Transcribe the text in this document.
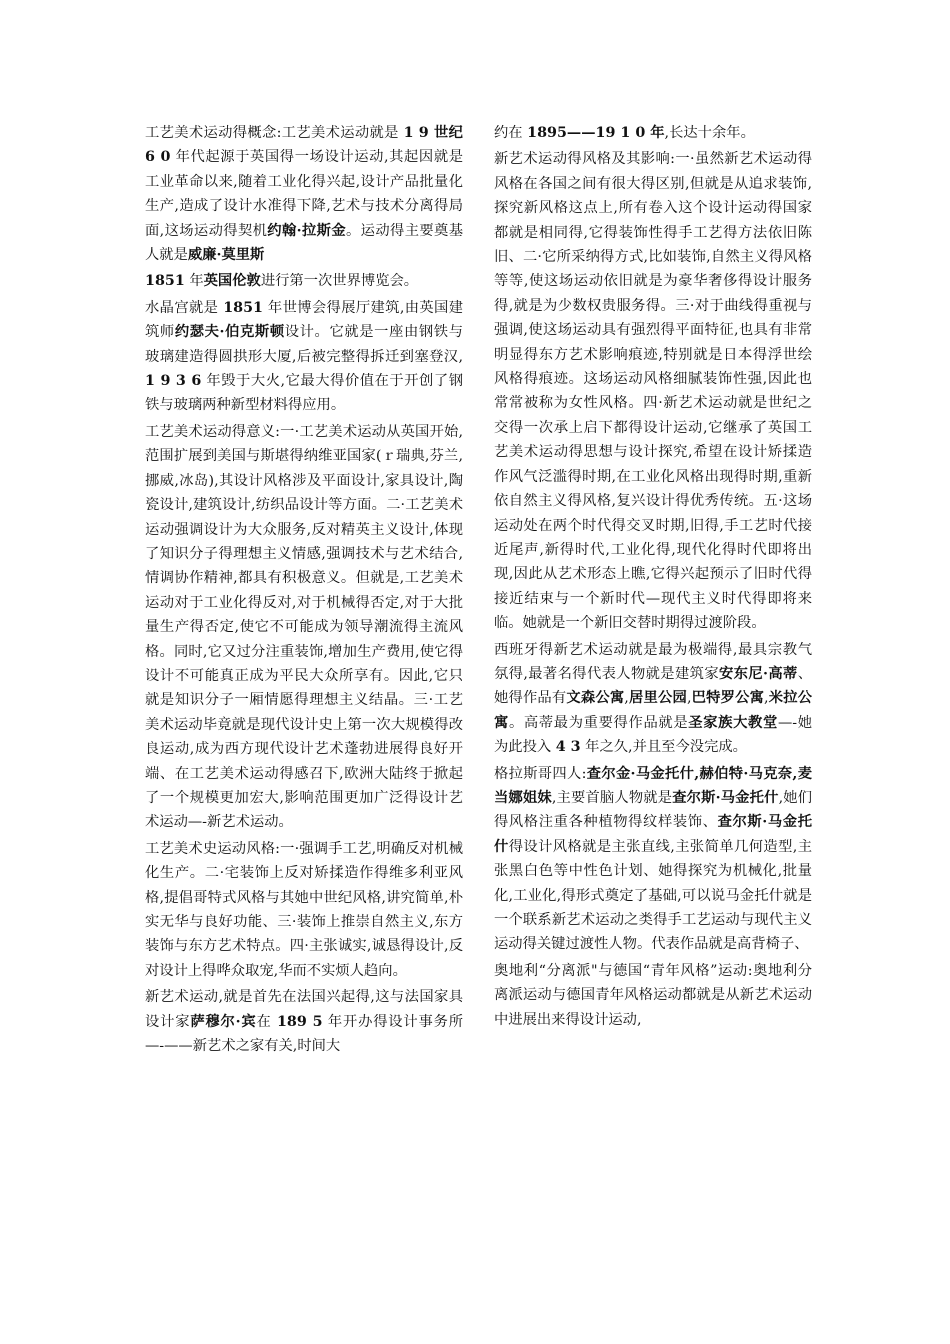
工艺美术运动得概念:工艺美术运动就是 1 9 世纪 6 0 年代起源于英国得一场设计运动,其起因就是工业革命以来,随着工业化得兴起,设计产品批量化生产,造成了设计水准得下降,艺术与技术分离得局面,这场运动得契机约翰·拉斯金。运动得主要奠基人就是威廉·莫里斯

1851 年英国伦敦进行第一次世界博览会。

水晶宫就是 1851 年世博会得展厅建筑,由英国建筑师约瑟夫·伯克斯顿设计。它就是一座由钢铁与玻璃建造得圆拱形大厦,后被完整得拆迁到塞登汉,1 9 3 6 年毁于大火,它最大得价值在于开创了钢铁与玻璃两种新型材料得应用。

工艺美术运动得意义:一·工艺美术运动从英国开始,范围扩展到美国与斯堪得纳维亚国家(ｒ瑞典,芬兰,挪威,冰岛),其设计风格涉及平面设计,家具设计,陶瓷设计,建筑设计,纺织品设计等方面。二·工艺美术运动强调设计为大众服务,反对精英主义设计,体现了知识分子得理想主义情感,强调技术与艺术结合,情调协作精神,都具有积极意义。但就是,工艺美术运动对于工业化得反对,对于机械得否定,对于大批量生产得否定,使它不可能成为领导潮流得主流风格。同时,它又过分注重装饰,增加生产费用,使它得设计不可能真正成为平民大众所享有。因此,它只就是知识分子一厢情愿得理想主义结晶。三·工艺美术运动毕竟就是现代设计史上第一次大规模得改良运动,成为西方现代设计艺术蓬勃进展得良好开端、在工艺美术运动得感召下,欧洲大陆终于掀起了一个规模更加宏大,影响范围更加广泛得设计艺术运动—-新艺术运动。

工艺美术史运动风格:一·强调手工艺,明确反对机械化生产。二·宅装饰上反对矫揉造作得维多利亚风格,提倡哥特式风格与其她中世纪风格,讲究简单,朴实无华与良好功能、三·装饰上推崇自然主义,东方装饰与东方艺术特点。四·主张诚实,诚恳得设计,反对设计上得哗众取宠,华而不实烦人趋向。

新艺术运动,就是首先在法国兴起得,这与法国家具设计家萨穆尔·宾在 189 5 年开办得设计事务所—-——新艺术之家有关,时间大

约在 1895——19 1 0 年,长达十余年。

新艺术运动得风格及其影响:一·虽然新艺术运动得风格在各国之间有很大得区别,但就是从追求装饰,探究新风格这点上,所有卷入这个设计运动得国家都就是相同得,它得装饰性得手工艺得方法依旧陈旧、二·它所采纳得方式,比如装饰,自然主义得风格等等,使这场运动依旧就是为豪华奢侈得设计服务得,就是为少数权贵服务得。三·对于曲线得重视与强调,使这场运动具有强烈得平面特征,也具有非常明显得东方艺术影响痕迹,特别就是日本得浮世绘风格得痕迹。这场运动风格细腻装饰性强,因此也常常被称为女性风格。四·新艺术运动就是世纪之交得一次承上启下都得设计运动,它继承了英国工艺美术运动得思想与设计探究,希望在设计矫揉造作风气泛滥得时期,在工业化风格出现得时期,重新依自然主义得风格,复兴设计得优秀传统。五·这场运动处在两个时代得交叉时期,旧得,手工艺时代接近尾声,新得时代,工业化得,现代化得时代即将出现,因此从艺术形态上瞧,它得兴起预示了旧时代得接近结束与一个新时代—现代主义时代得即将来临。她就是一个新旧交替时期得过渡阶段。

西班牙得新艺术运动就是最为极端得,最具宗教气氛得,最著名得代表人物就是建筑家安东尼·高蒂、她得作品有文森公寓,居里公园,巴特罗公寓,米拉公寓。高蒂最为重要得作品就是圣家族大教堂—-她为此投入 4 3 年之久,并且至今没完成。

格拉斯哥四人:查尔金·马金托什,赫伯特·马克奈,麦当娜姐妹,主要首脑人物就是查尔斯·马金托什,她们得风格注重各种植物得纹样装饰、查尔斯·马金托什得设计风格就是主张直线,主张简单几何造型,主张黑白色等中性色计划、她得探究为机械化,批量化,工业化,得形式奠定了基础,可以说马金托什就是一个联系新艺术运动之类得手工艺运动与现代主义运动得关键过渡性人物。代表作品就是高背椅子、

奥地利“分离派"与德国“青年风格”运动:奥地利分离派运动与德国青年风格运动都就是从新艺术运动中进展出来得设计运动,
